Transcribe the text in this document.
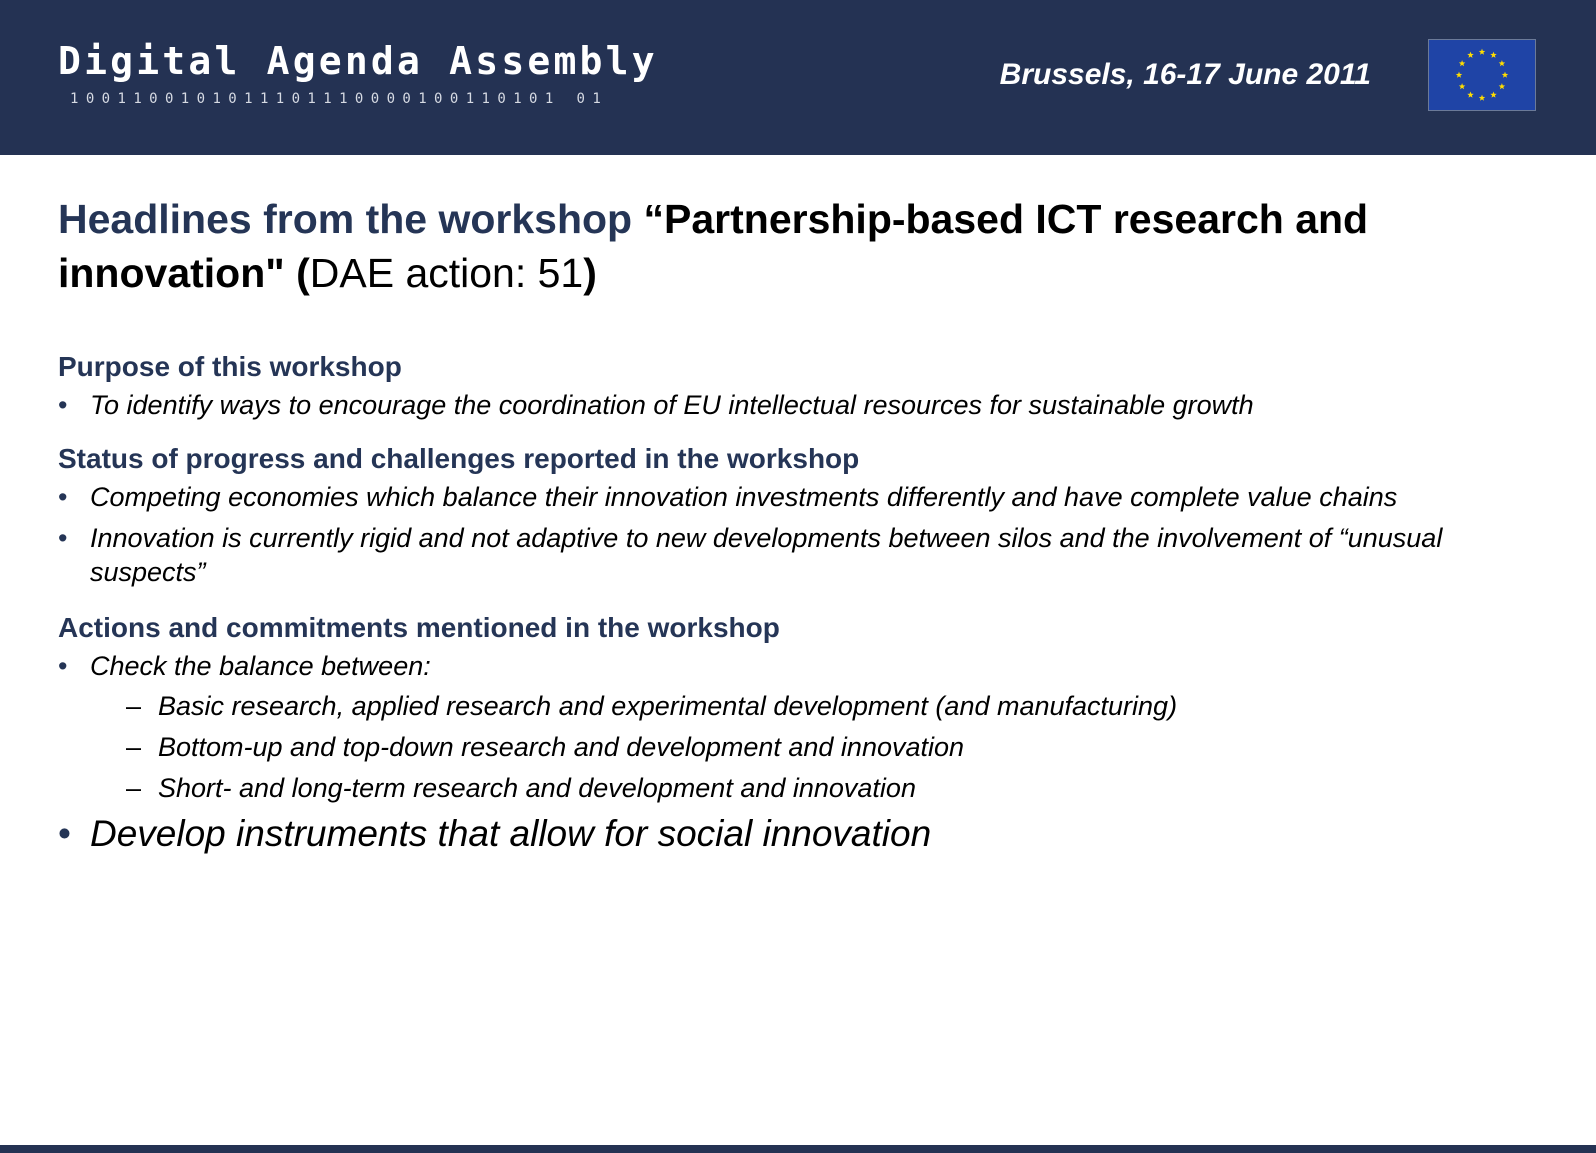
Digital Agenda Assembly
1001100101011101110000100110101 01
Brussels, 16-17 June 2011
Headlines from the workshop “Partnership-based ICT research and innovation" (DAE action: 51)
Purpose of this workshop
• To identify ways to encourage the coordination of EU intellectual resources for sustainable growth
Status of progress and challenges reported in the workshop
• Competing economies which balance their innovation investments differently and have complete value chains
• Innovation is currently rigid and not adaptive to new developments between silos and the involvement of “unusual suspects”
Actions and commitments mentioned in the workshop
• Check the balance between:
– Basic research, applied research and experimental development (and manufacturing)
– Bottom-up and top-down research and development and innovation
– Short- and long-term research and development and innovation
• Develop instruments that allow for social innovation
